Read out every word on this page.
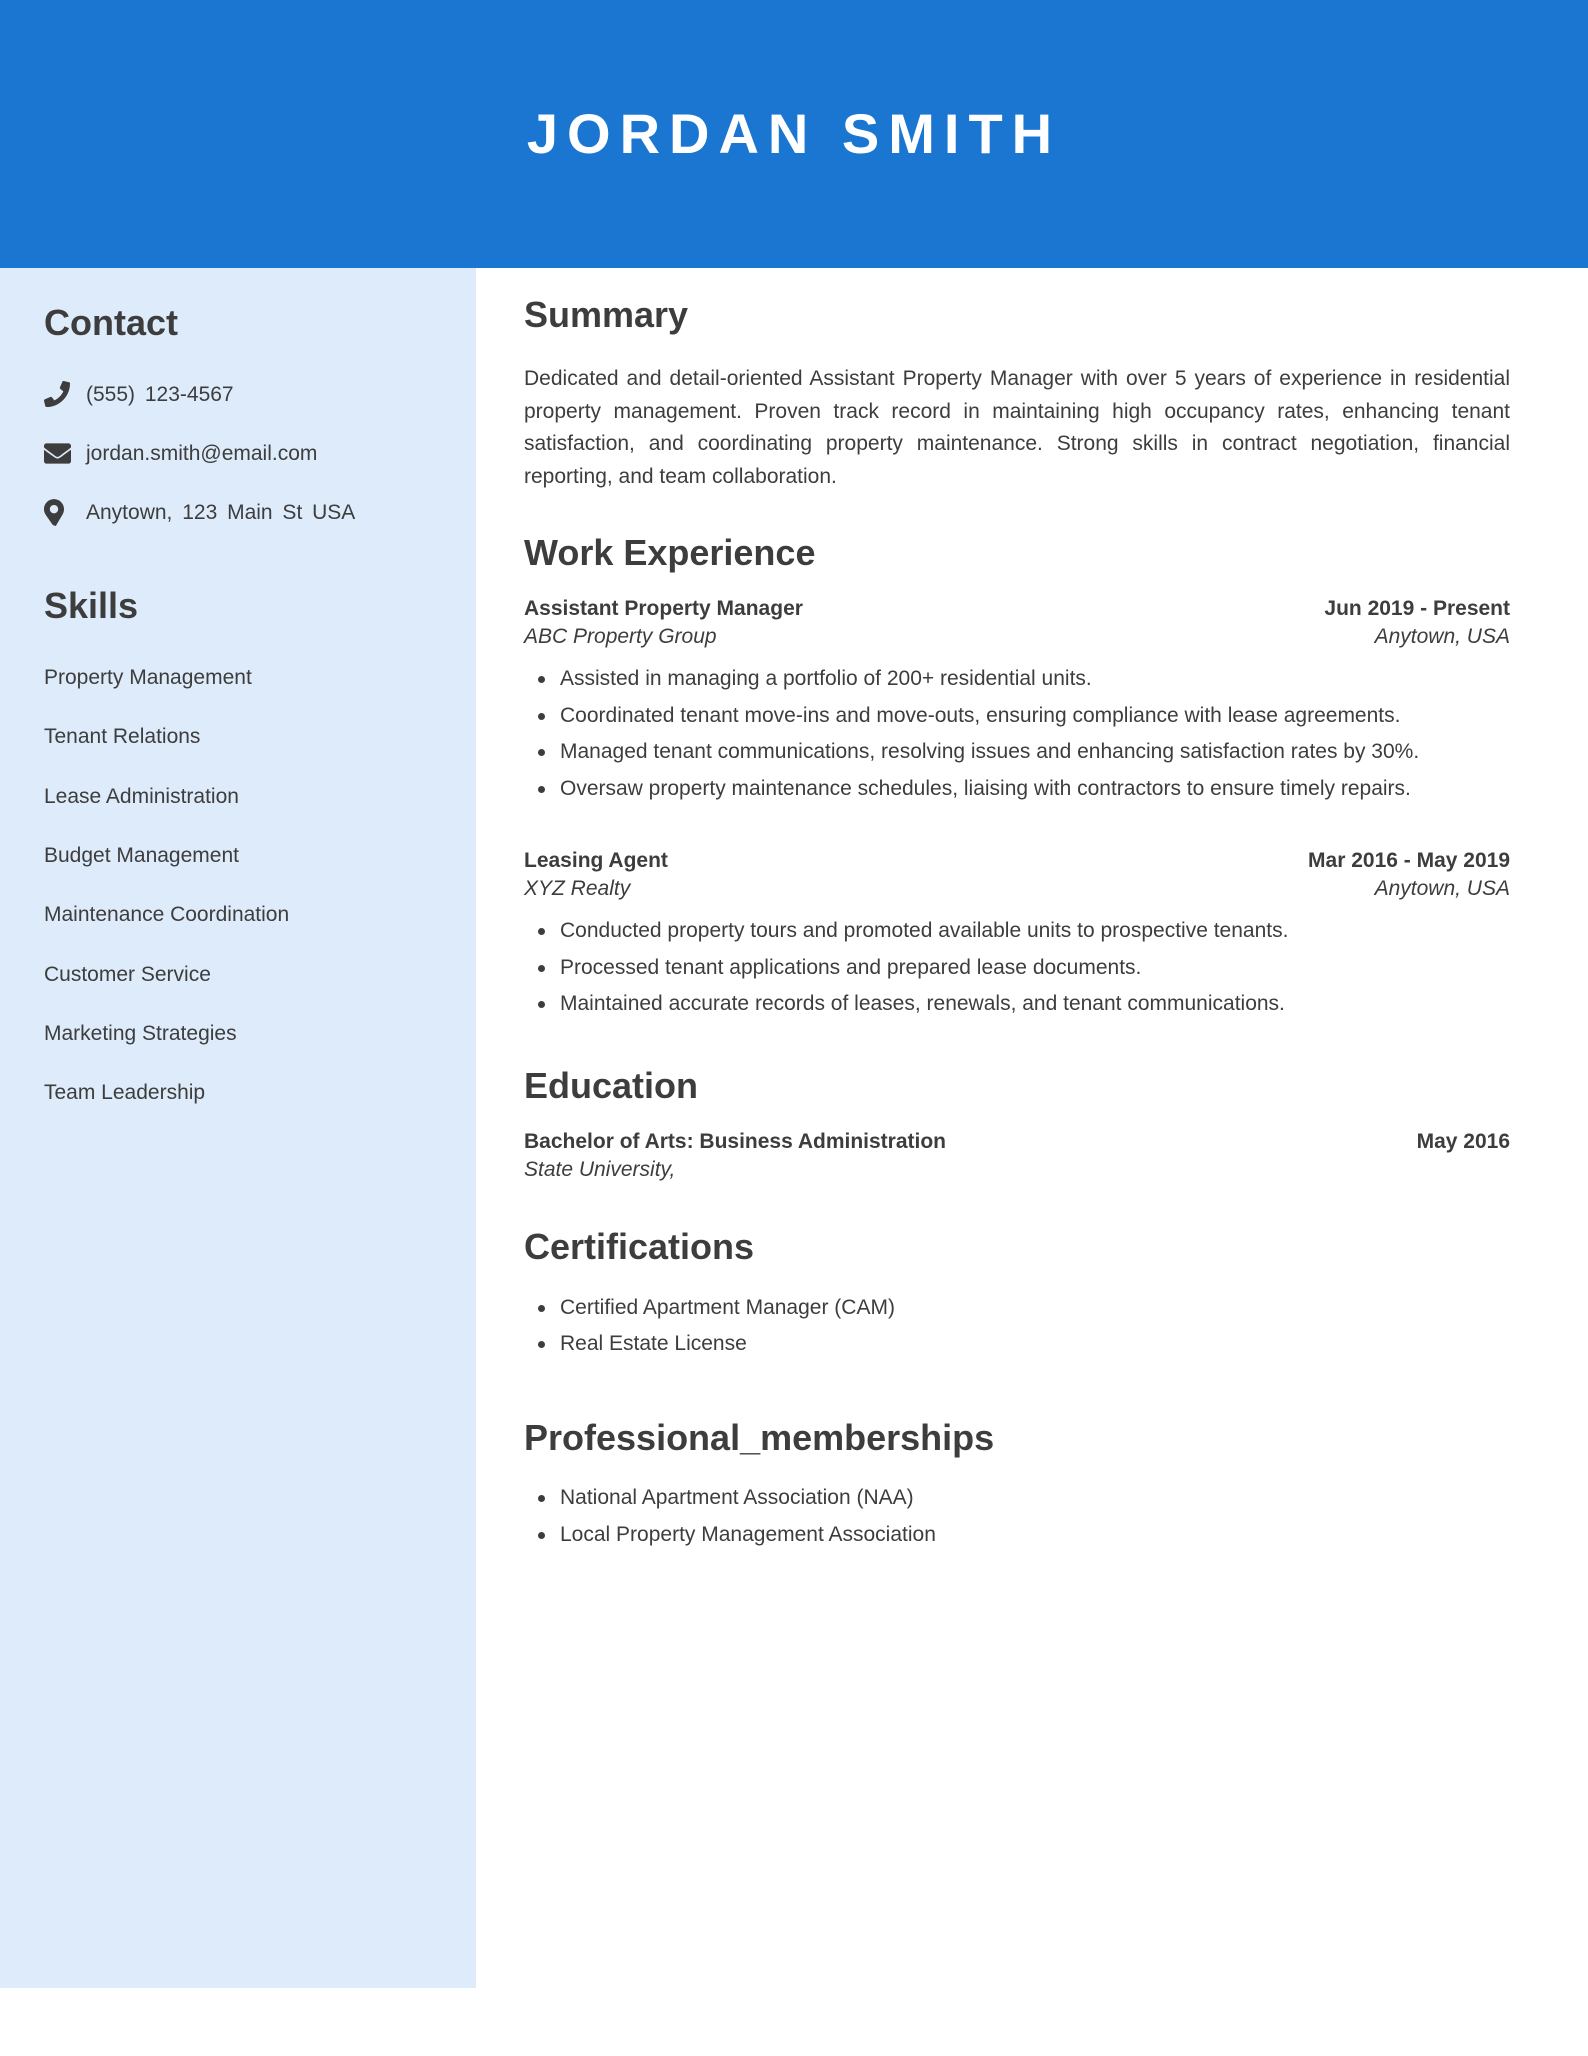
JORDAN SMITH
Contact
(555) 123-4567
jordan.smith@email.com
Anytown, 123 Main St USA
Skills
Property Management
Tenant Relations
Lease Administration
Budget Management
Maintenance Coordination
Customer Service
Marketing Strategies
Team Leadership
Summary

Dedicated and detail-oriented Assistant Property Manager with over 5 years of experience in residential property management. Proven track record in maintaining high occupancy rates, enhancing tenant satisfaction, and coordinating property maintenance. Strong skills in contract negotiation, financial reporting, and team collaboration.

Work Experience
Assistant Property Manager	Jun 2019 - Present
ABC Property Group	Anytown, USA
Assisted in managing a portfolio of 200+ residential units.
Coordinated tenant move-ins and move-outs, ensuring compliance with lease agreements.
Managed tenant communications, resolving issues and enhancing satisfaction rates by 30%.
Oversaw property maintenance schedules, liaising with contractors to ensure timely repairs.
Leasing Agent	Mar 2016 - May 2019
XYZ Realty	Anytown, USA
Conducted property tours and promoted available units to prospective tenants.
Processed tenant applications and prepared lease documents.
Maintained accurate records of leases, renewals, and tenant communications.
Education
Bachelor of Arts: Business Administration	May 2016
State University,
Certifications
Certified Apartment Manager (CAM)
Real Estate License
Professional_memberships
National Apartment Association (NAA)
Local Property Management Association
